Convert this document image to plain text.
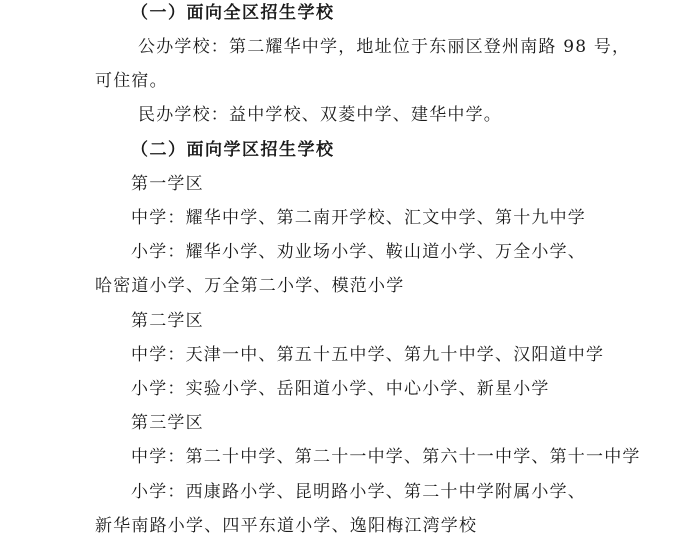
（一）面向全区招生学校
公办学校：第二耀华中学，地址位于东丽区登州南路 98 号，
可住宿。
民办学校：益中学校、双菱中学、建华中学。
（二）面向学区招生学校
第一学区
中学：耀华中学、第二南开学校、汇文中学、第十九中学
小学：耀华小学、劝业场小学、鞍山道小学、万全小学、
哈密道小学、万全第二小学、模范小学
第二学区
中学：天津一中、第五十五中学、第九十中学、汉阳道中学
小学：实验小学、岳阳道小学、中心小学、新星小学
第三学区
中学：第二十中学、第二十一中学、第六十一中学、第十一中学
小学：西康路小学、昆明路小学、第二十中学附属小学、
新华南路小学、四平东道小学、逸阳梅江湾学校
